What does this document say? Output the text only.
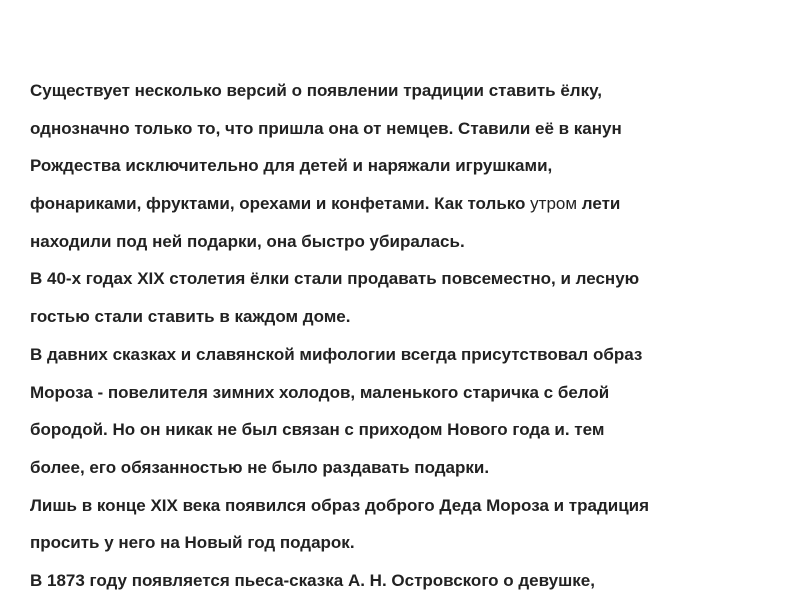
Существует несколько версий о появлении традиции ставить ёлку,
однозначно только то, что пришла она от немцев. Ставили её в канун
Рождества исключительно для детей и наряжали игрушками,
фонариками, фруктами, орехами и конфетами. Как только утром лети
находили под ней подарки, она быстро убиралась.
В 40-х годах XIX столетия ёлки стали продавать повсеместно, и лесную
гостью стали ставить в каждом доме.
В давних сказках и славянской мифологии всегда присутствовал образ
Мороза - повелителя зимних холодов, маленького старичка с белой
бородой. Но он никак не был связан с приходом Нового года и. тем
более, его обязанностью не было раздавать подарки.
Лишь в конце XIX века появился образ доброго Деда Мороза и традиция
просить у него на Новый год подарок.
В 1873 году появляется пьеса-сказка А. Н. Островского о девушке,
